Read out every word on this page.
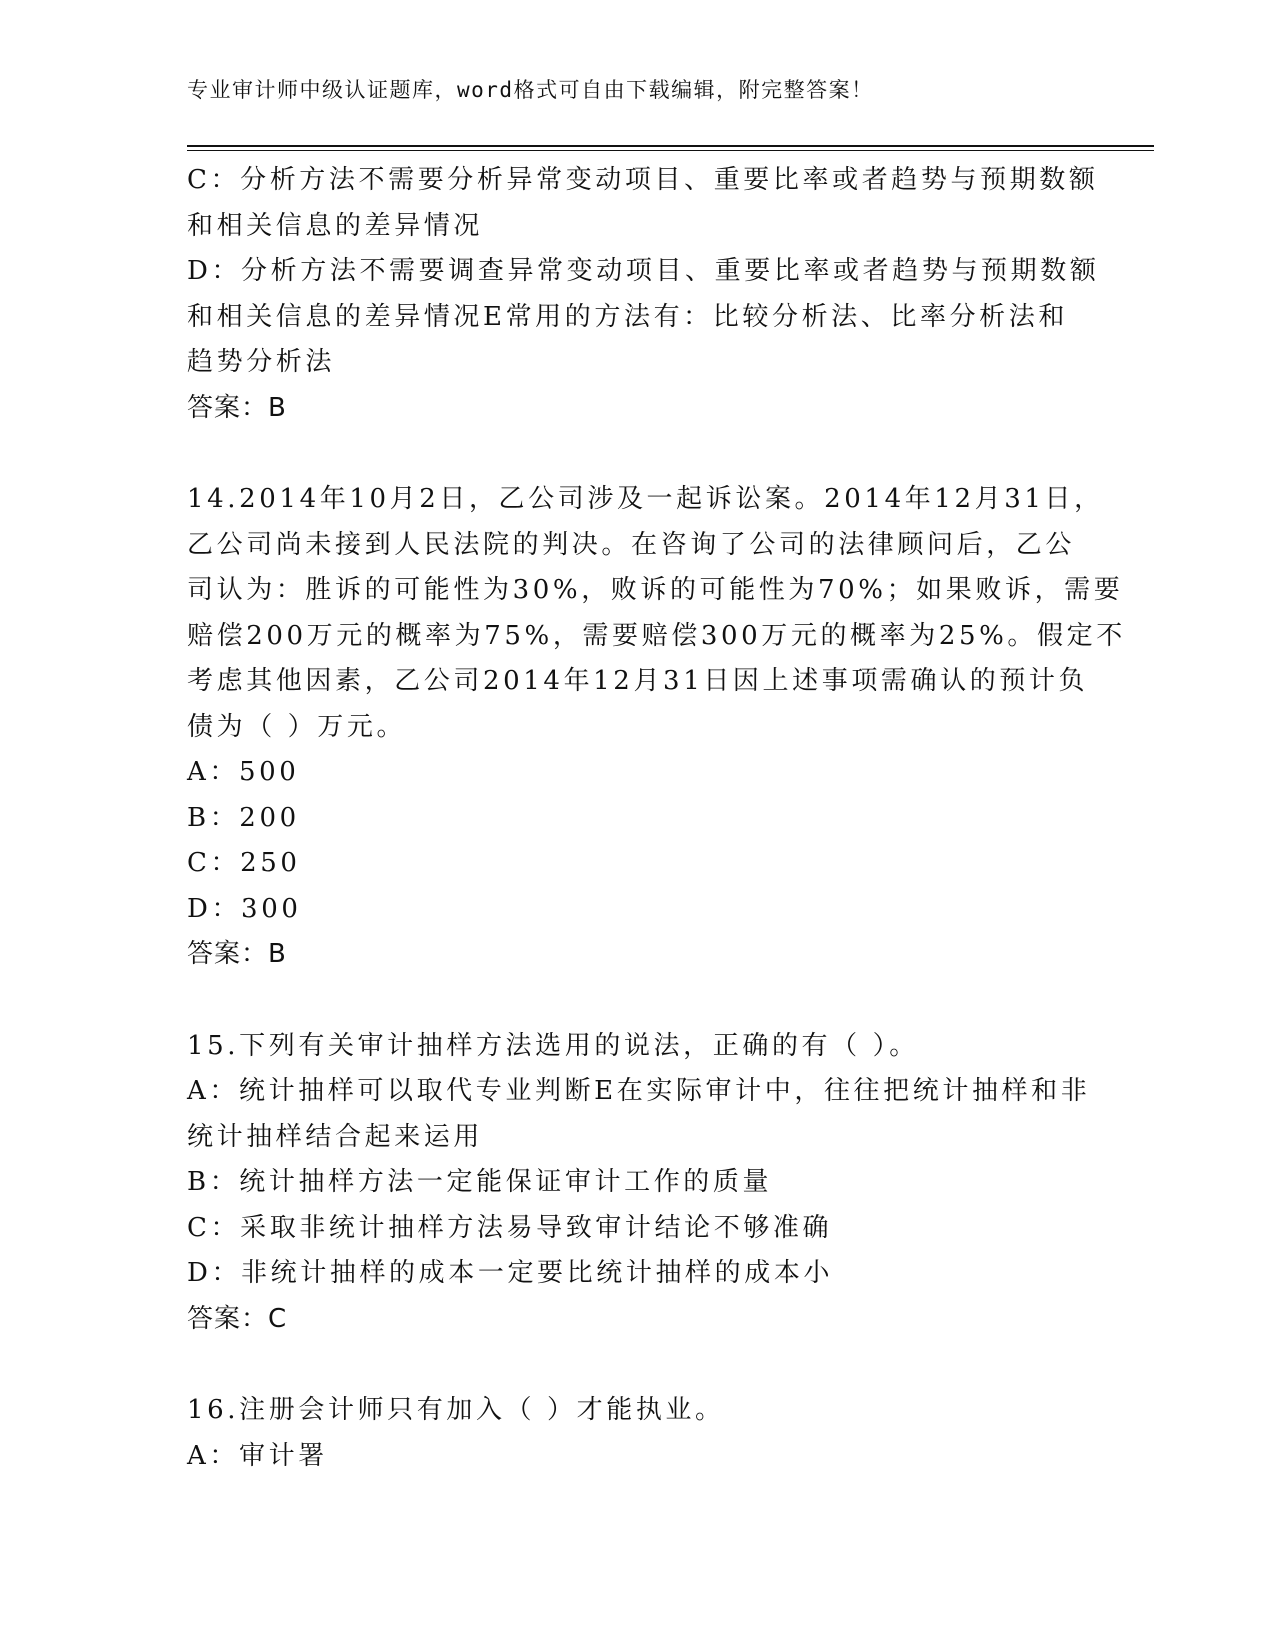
专业审计师中级认证题库，word格式可自由下载编辑，附完整答案！
C：分析方法不需要分析异常变动项目、重要比率或者趋势与预期数额
和相关信息的差异情况
D：分析方法不需要调查异常变动项目、重要比率或者趋势与预期数额
和相关信息的差异情况E常用的方法有：比较分析法、比率分析法和
趋势分析法
答案：B
14.2014年10月2日，乙公司涉及一起诉讼案。2014年12月31日，
乙公司尚未接到人民法院的判决。在咨询了公司的法律顾问后，乙公
司认为：胜诉的可能性为30%，败诉的可能性为70%；如果败诉，需要
赔偿200万元的概率为75%，需要赔偿300万元的概率为25%。假定不
考虑其他因素，乙公司2014年12月31日因上述事项需确认的预计负
债为（ ）万元。
A：500
B：200
C：250
D：300
答案：B
15.下列有关审计抽样方法选用的说法，正确的有（ ）。
A：统计抽样可以取代专业判断E在实际审计中，往往把统计抽样和非
统计抽样结合起来运用
B：统计抽样方法一定能保证审计工作的质量
C：采取非统计抽样方法易导致审计结论不够准确
D：非统计抽样的成本一定要比统计抽样的成本小
答案：C
16.注册会计师只有加入（ ）才能执业。
A：审计署
